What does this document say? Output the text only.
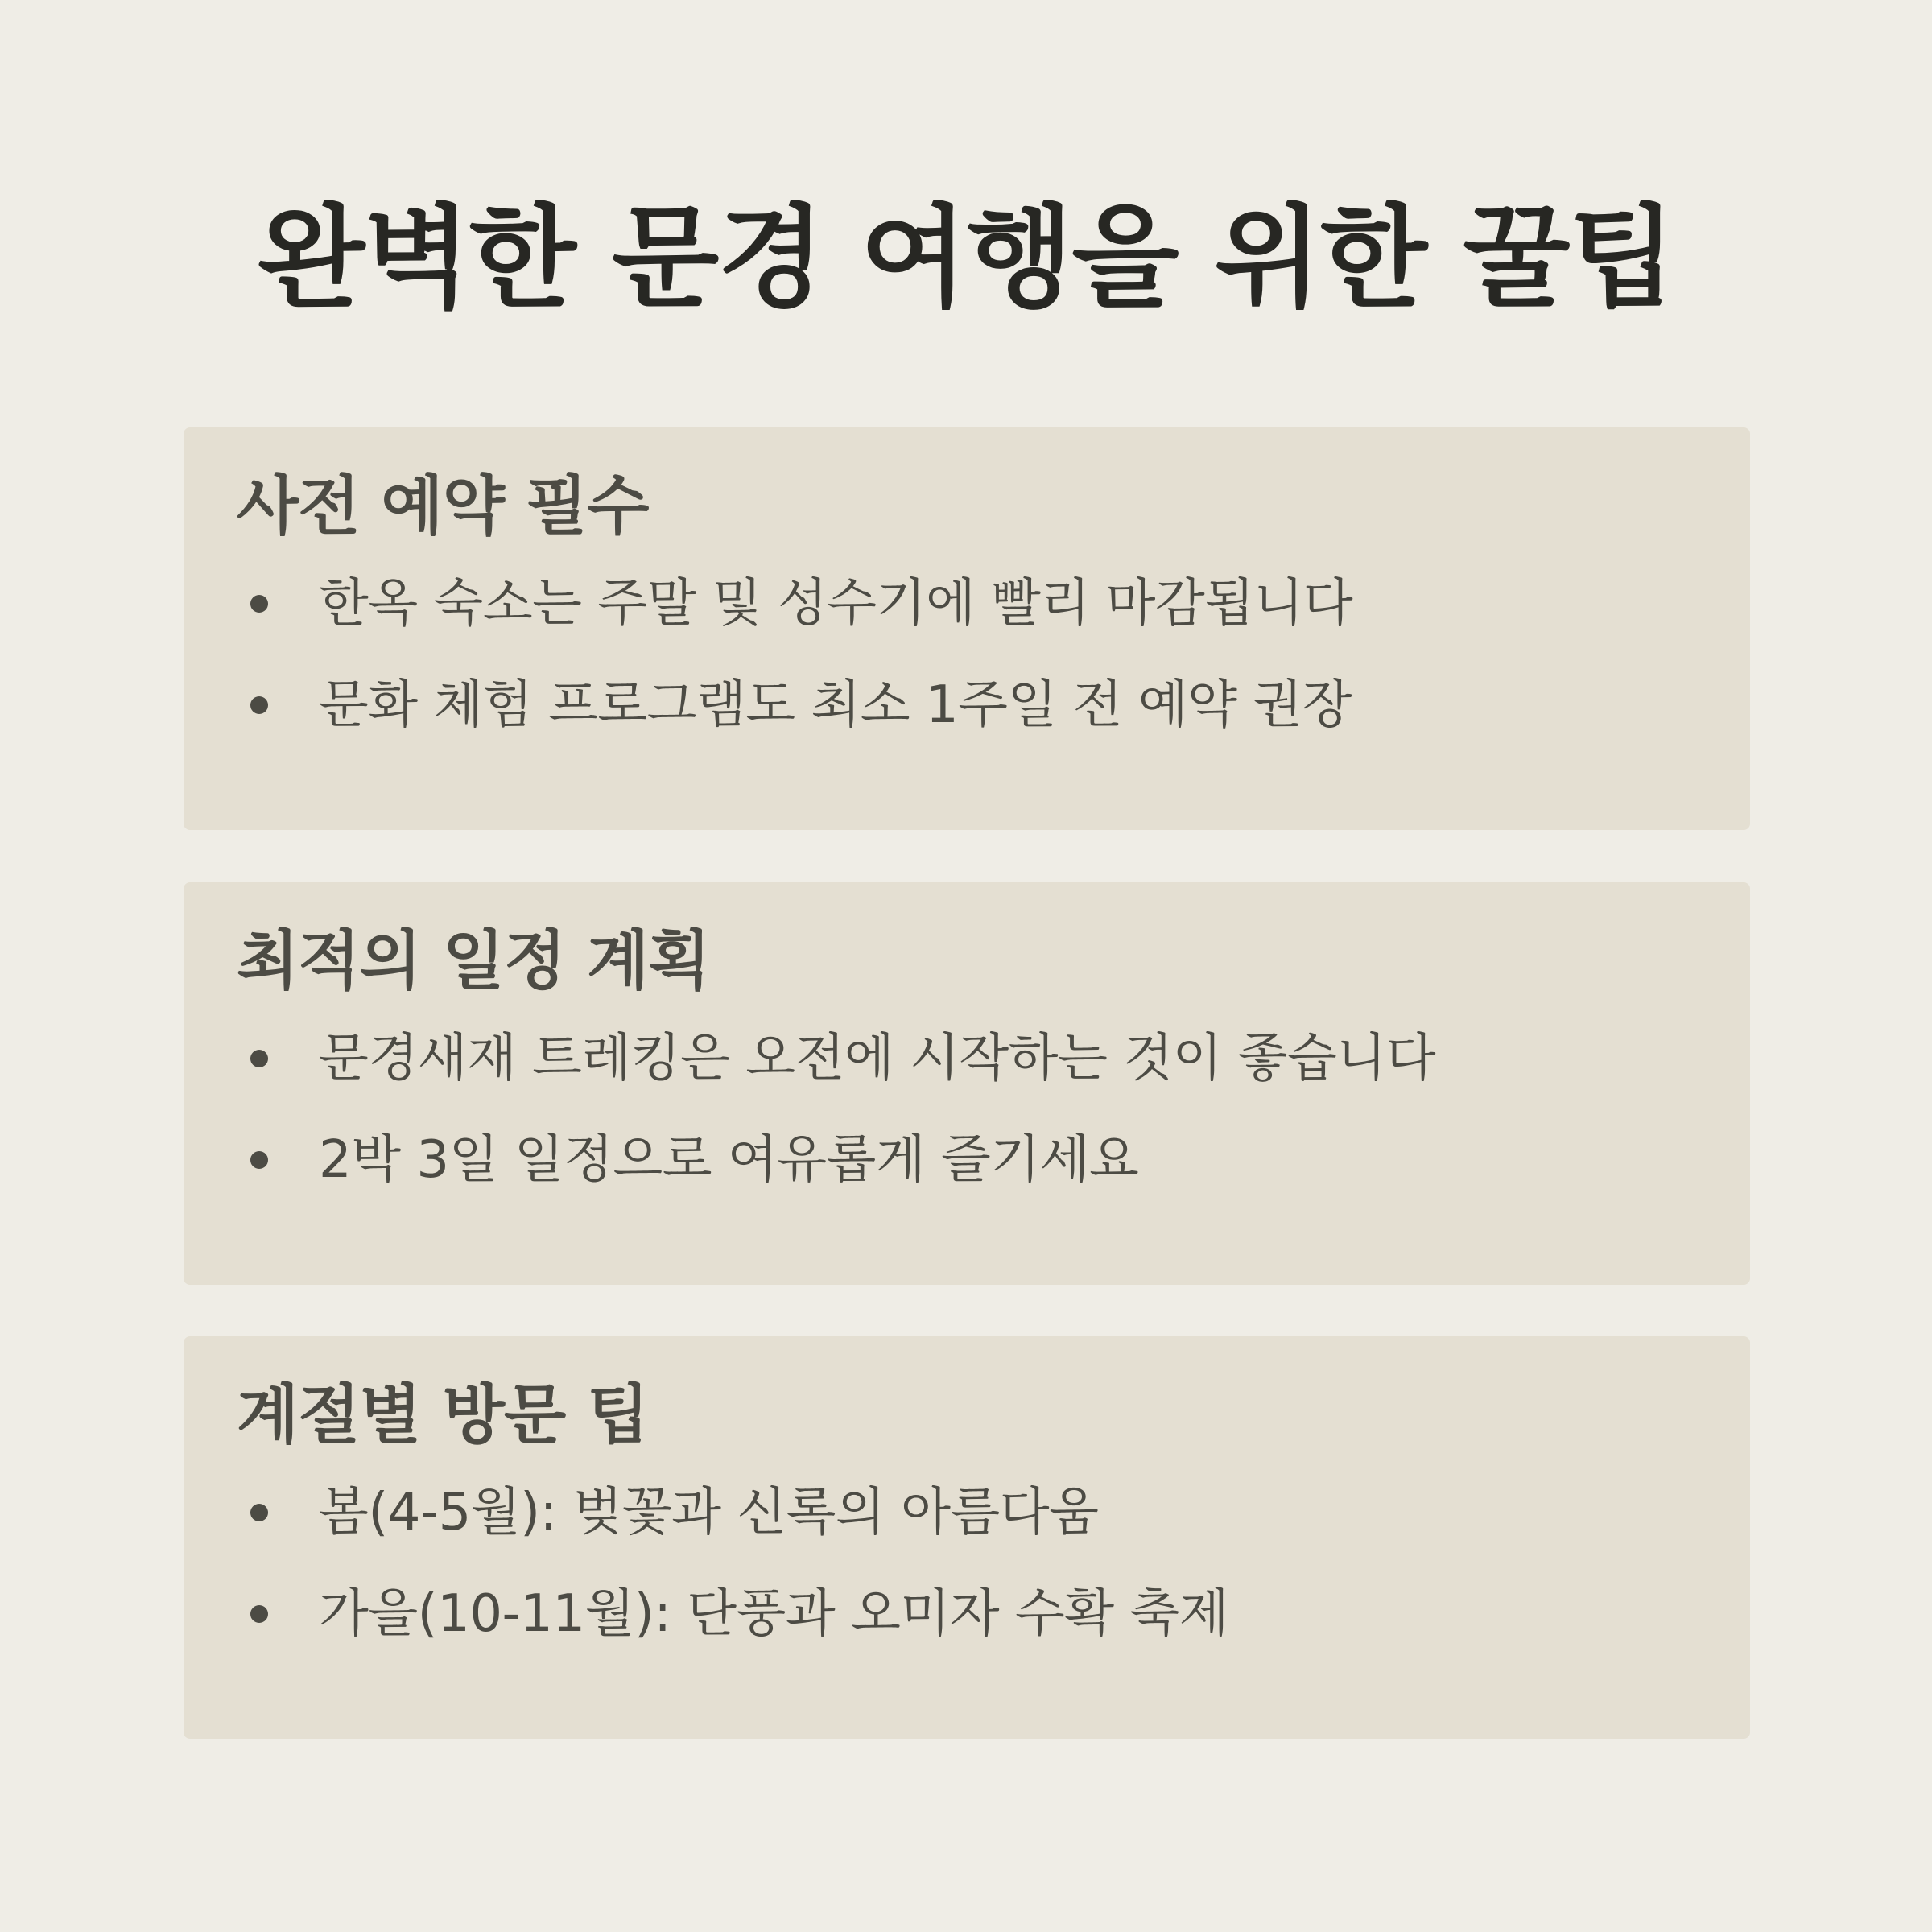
완벽한 문경 여행을 위한 꿀팁
사전 예약 필수
한옥 숙소는 주말 및 성수기에 빨리 마감됩니다
문화 체험 프로그램도 최소 1주일 전 예약 권장
최적의 일정 계획
문경새재 트레킹은 오전에 시작하는 것이 좋습니다
2박 3일 일정으로 여유롭게 즐기세요
계절별 방문 팁
봄(4-5월): 벚꽃과 신록의 아름다움
가을(10-11월): 단풍과 오미자 수확 축제
